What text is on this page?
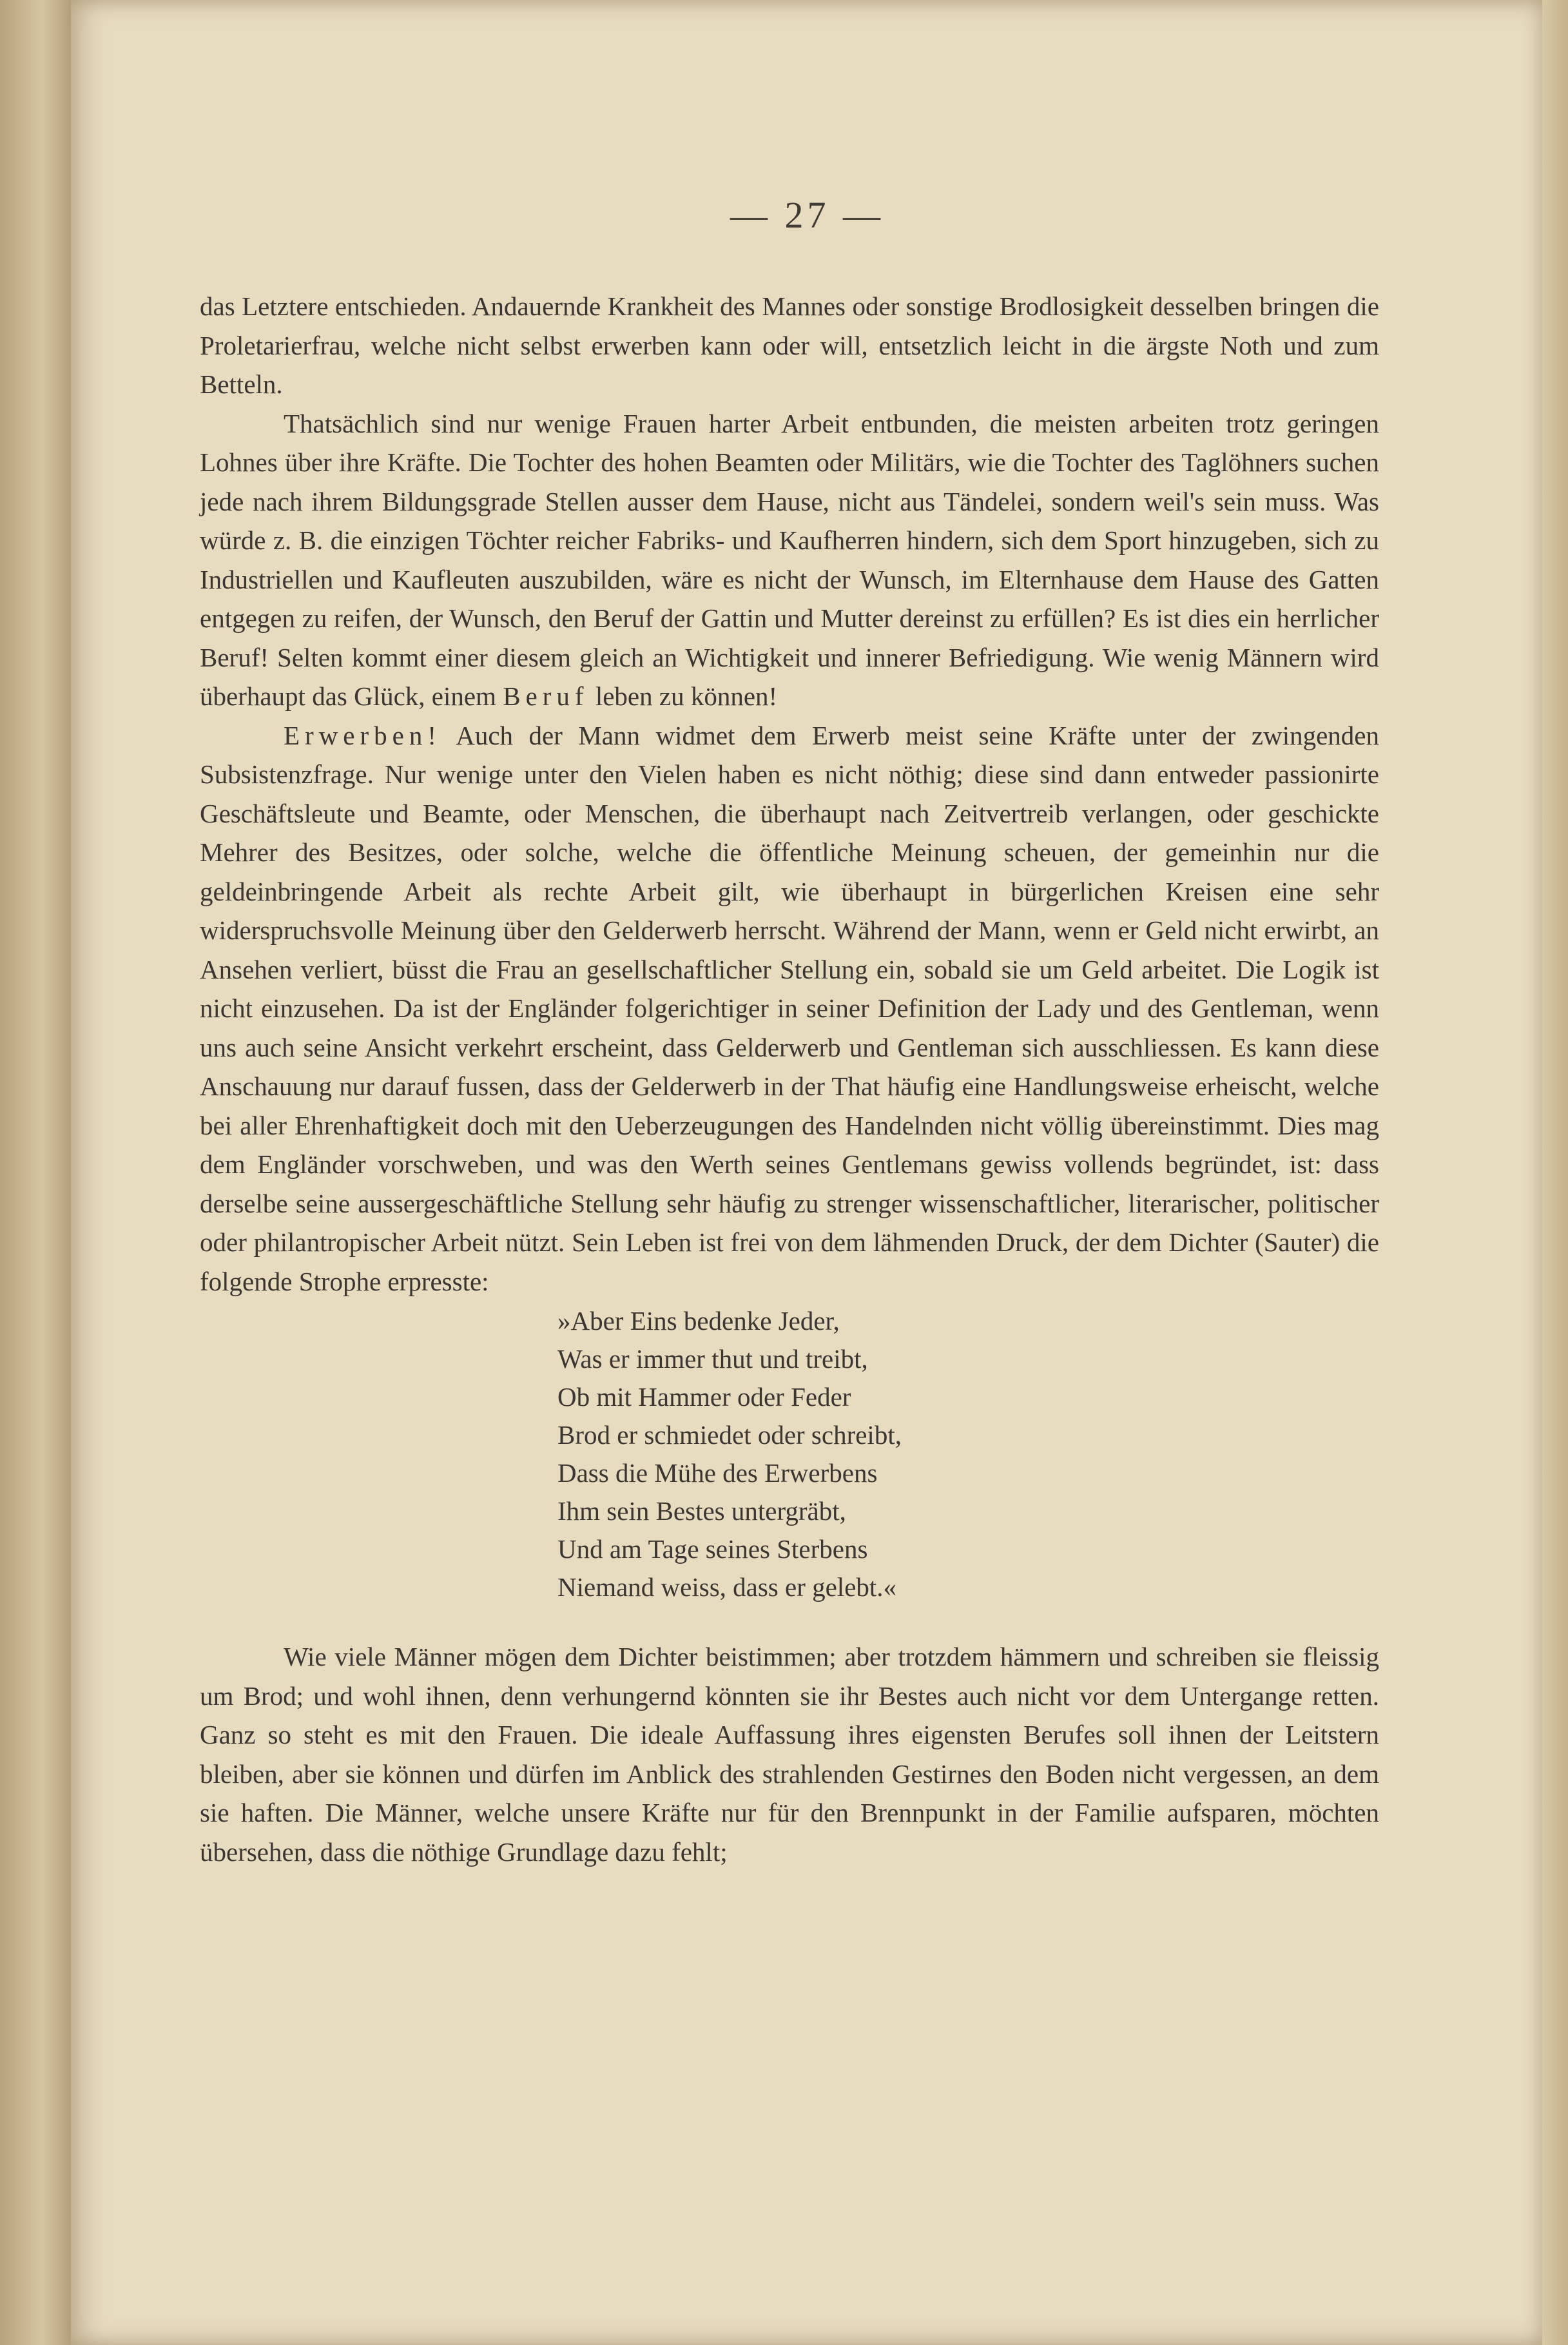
— 27 —

das Letztere entschieden. Andauernde Krankheit des Mannes oder sonstige Brodlosigkeit desselben bringen die Proletarierfrau, welche nicht selbst erwerben kann oder will, entsetzlich leicht in die ärgste Noth und zum Betteln.

Thatsächlich sind nur wenige Frauen harter Arbeit entbunden, die meisten arbeiten trotz geringen Lohnes über ihre Kräfte. Die Tochter des hohen Beamten oder Militärs, wie die Tochter des Taglöhners suchen jede nach ihrem Bildungsgrade Stellen ausser dem Hause, nicht aus Tändelei, sondern weil's sein muss. Was würde z. B. die einzigen Töchter reicher Fabriks- und Kaufherren hindern, sich dem Sport hinzugeben, sich zu Industriellen und Kaufleuten auszubilden, wäre es nicht der Wunsch, im Elternhause dem Hause des Gatten entgegen zu reifen, der Wunsch, den Beruf der Gattin und Mutter dereinst zu erfüllen? Es ist dies ein herrlicher Beruf! Selten kommt einer diesem gleich an Wichtigkeit und innerer Befriedigung. Wie wenig Männern wird überhaupt das Glück, einem Beruf leben zu können!

Erwerben! Auch der Mann widmet dem Erwerb meist seine Kräfte unter der zwingenden Subsistenzfrage. Nur wenige unter den Vielen haben es nicht nöthig; diese sind dann entweder passionirte Geschäftsleute und Beamte, oder Menschen, die überhaupt nach Zeitvertreib verlangen, oder geschickte Mehrer des Besitzes, oder solche, welche die öffentliche Meinung scheuen, der gemeinhin nur die geldeinbringende Arbeit als rechte Arbeit gilt, wie überhaupt in bürgerlichen Kreisen eine sehr widerspruchsvolle Meinung über den Gelderwerb herrscht. Während der Mann, wenn er Geld nicht erwirbt, an Ansehen verliert, büsst die Frau an gesellschaftlicher Stellung ein, sobald sie um Geld arbeitet. Die Logik ist nicht einzusehen. Da ist der Engländer folgerichtiger in seiner Definition der Lady und des Gentleman, wenn uns auch seine Ansicht verkehrt erscheint, dass Gelderwerb und Gentleman sich ausschliessen. Es kann diese Anschauung nur darauf fussen, dass der Gelderwerb in der That häufig eine Handlungsweise erheischt, welche bei aller Ehrenhaftigkeit doch mit den Ueberzeugungen des Handelnden nicht völlig übereinstimmt. Dies mag dem Engländer vorschweben, und was den Werth seines Gentlemans gewiss vollends begründet, ist: dass derselbe seine aussergeschäftliche Stellung sehr häufig zu strenger wissenschaftlicher, literarischer, politischer oder philantropischer Arbeit nützt. Sein Leben ist frei von dem lähmenden Druck, der dem Dichter (Sauter) die folgende Strophe erpresste:

»Aber Eins bedenke Jeder,
Was er immer thut und treibt,
Ob mit Hammer oder Feder
Brod er schmiedet oder schreibt,
Dass die Mühe des Erwerbens
Ihm sein Bestes untergräbt,
Und am Tage seines Sterbens
Niemand weiss, dass er gelebt.«

Wie viele Männer mögen dem Dichter beistimmen; aber trotzdem hämmern und schreiben sie fleissig um Brod; und wohl ihnen, denn verhungernd könnten sie ihr Bestes auch nicht vor dem Untergange retten. Ganz so steht es mit den Frauen. Die ideale Auffassung ihres eigensten Berufes soll ihnen der Leitstern bleiben, aber sie können und dürfen im Anblick des strahlenden Gestirnes den Boden nicht vergessen, an dem sie haften. Die Männer, welche unsere Kräfte nur für den Brennpunkt in der Familie aufsparen, möchten übersehen, dass die nöthige Grundlage dazu fehlt;
